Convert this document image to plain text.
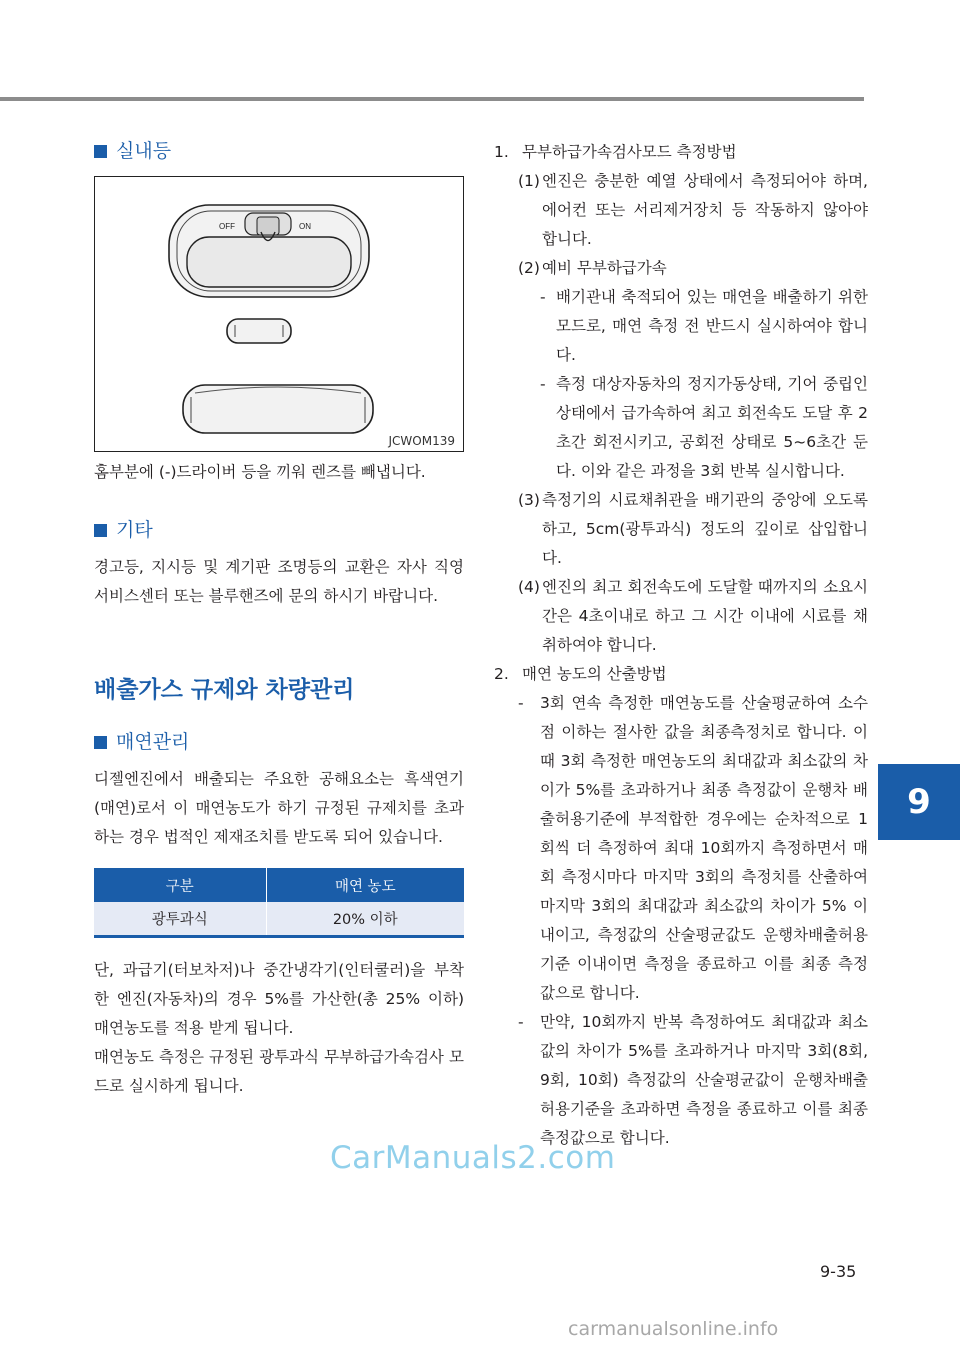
실내등
OFF	ON
JCWOM139

홈부분에 (-)드라이버 등을 끼워 렌즈를 빼냅니다.

기타

경고등, 지시등 및 계기판 조명등의 교환은 자사 직영 서비스센터 또는 블루핸즈에 문의 하시기 바랍니다.

배출가스 규제와 차량관리
매연관리

디젤엔진에서 배출되는 주요한 공해요소는 흑색연기(매연)로서 이 매연농도가 하기 규정된 규제치를 초과하는 경우 법적인 제재조치를 받도록 되어 있습니다.

구분	매연 농도
광투과식	20% 이하

단, 과급기(터보차저)나 중간냉각기(인터쿨러)을 부착한 엔진(자동차)의 경우 5%를 가산한(총 25% 이하) 매연농도를 적용 받게 됩니다.

매연농도 측정은 규정된 광투과식 무부하급가속검사 모드로 실시하게 됩니다.

1. 무부하급가속검사모드 측정방법
(1) 엔진은 충분한 예열 상태에서 측정되어야 하며, 에어컨 또는 서리제거장치 등 작동하지 않아야 합니다.
(2) 예비 무부하급가속
- 배기관내 축적되어 있는 매연을 배출하기 위한 모드로, 매연 측정 전 반드시 실시하여야 합니다.
- 측정 대상자동차의 정지가동상태, 기어 중립인 상태에서 급가속하여 최고 회전속도 도달 후 2초간 회전시키고, 공회전 상태로 5~6초간 둔다. 이와 같은 과정을 3회 반복 실시합니다.
(3) 측정기의 시료채취관을 배기관의 중앙에 오도록 하고, 5cm(광투과식) 정도의 깊이로 삽입합니다.
(4) 엔진의 최고 회전속도에 도달할 때까지의 소요시간은 4초이내로 하고 그 시간 이내에 시료를 채취하여야 합니다.
2. 매연 농도의 산출방법
-	3회 연속 측정한 매연농도를 산술평균하여 소수점 이하는 절사한 값을 최종측정치로 합니다. 이때 3회 측정한 매연농도의 최대값과 최소값의 차이가 5%를 초과하거나 최종 측정값이 운행차 배출허용기준에 부적합한 경우에는 순차적으로 1회씩 더 측정하여 최대 10회까지 측정하면서 매회 측정시마다 마지막 3회의 측정치를 산출하여 마지막 3회의 최대값과 최소값의 차이가 5% 이내이고, 측정값의 산술평균값도 운행차배출허용기준 이내이면 측정을 종료하고 이를 최종 측정값으로 합니다.
-	만약, 10회까지 반복 측정하여도 최대값과 최소값의 차이가 5%를 초과하거나 마지막 3회(8회, 9회, 10회) 측정값의 산술평균값이 운행차배출허용기준을 초과하면 측정을 종료하고 이를 최종 측정값으로 합니다.
9
9-35
CarManuals2.com
carmanualsonline.info
